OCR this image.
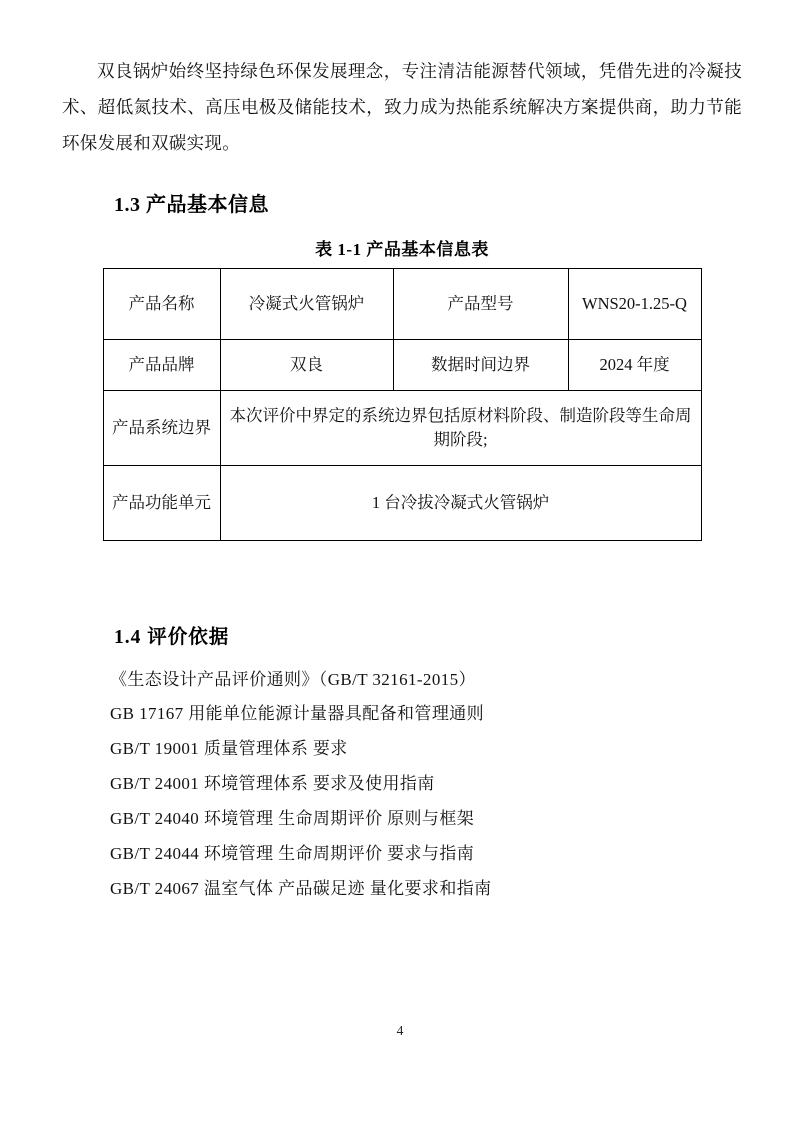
双良锅炉始终坚持绿色环保发展理念，专注清洁能源替代领域，凭借先进的冷凝技术、超低氮技术、高压电极及储能技术，致力成为热能系统解决方案提供商，助力节能环保发展和双碳实现。

1.3 产品基本信息
表 1-1 产品基本信息表
产品名称	冷凝式火管锅炉	产品型号	WNS20-1.25-Q
产品品牌	双良	数据时间边界	2024 年度
产品系统边界	本次评价中界定的系统边界包括原材料阶段、制造阶段等生命周期阶段;		
产品功能单元	1 台冷拔冷凝式火管锅炉		
1.4 评价依据
《生态设计产品评价通则》（GB/T 32161-2015）
GB 17167 用能单位能源计量器具配备和管理通则
GB/T 19001 质量管理体系 要求
GB/T 24001 环境管理体系 要求及使用指南
GB/T 24040 环境管理 生命周期评价 原则与框架
GB/T 24044 环境管理 生命周期评价 要求与指南
GB/T 24067 温室气体 产品碳足迹 量化要求和指南
4
